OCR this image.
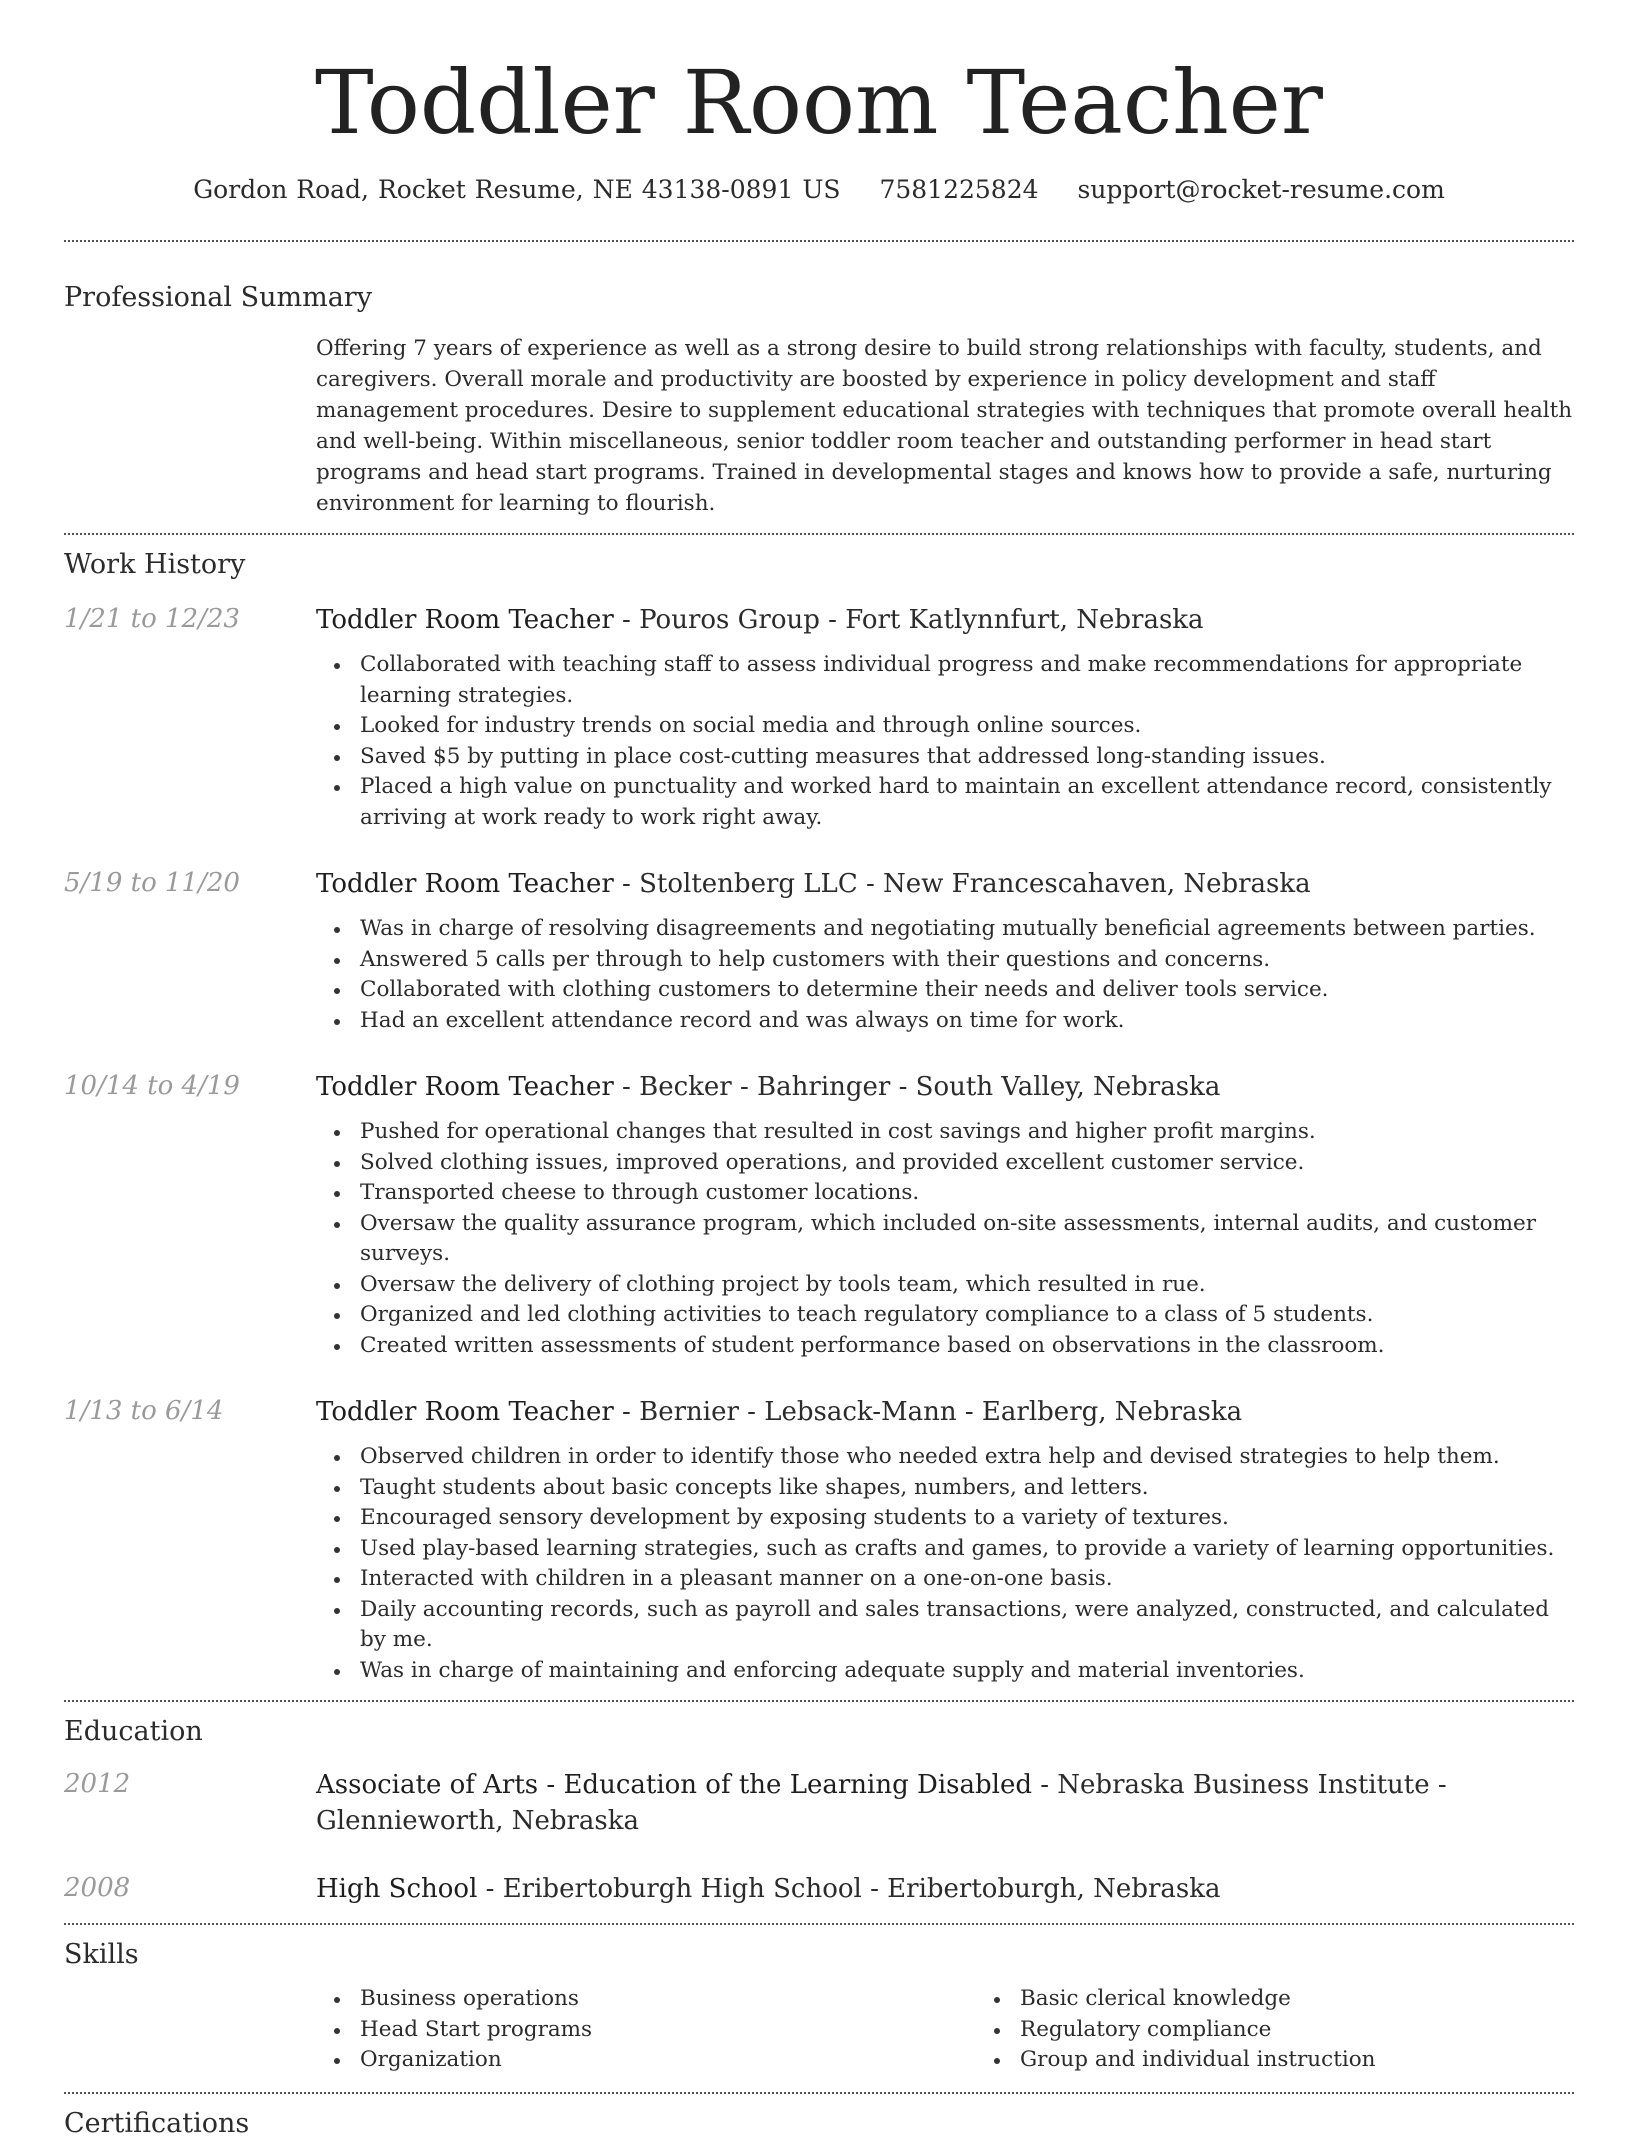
Toddler Room Teacher
Gordon Road, Rocket Resume, NE 43138-0891 US 7581225824 support@rocket-resume.com
Professional Summary
Offering 7 years of experience as well as a strong desire to build strong relationships with faculty, students, and caregivers. Overall morale and productivity are boosted by experience in policy development and staff management procedures. Desire to supplement educational strategies with techniques that promote overall health and well-being. Within miscellaneous, senior toddler room teacher and outstanding performer in head start programs and head start programs. Trained in developmental stages and knows how to provide a safe, nurturing environment for learning to flourish.
Work History
1/21 to 12/23	Toddler Room Teacher - Pouros Group - Fort Katlynnfurt, Nebraska
Collaborated with teaching staff to assess individual progress and make recommendations for appropriate learning strategies.
Looked for industry trends on social media and through online sources.
Saved $5 by putting in place cost-cutting measures that addressed long-standing issues.
Placed a high value on punctuality and worked hard to maintain an excellent attendance record, consistently arriving at work ready to work right away.
5/19 to 11/20	Toddler Room Teacher - Stoltenberg LLC - New Francescahaven, Nebraska
Was in charge of resolving disagreements and negotiating mutually beneficial agreements between parties.
Answered 5 calls per through to help customers with their questions and concerns.
Collaborated with clothing customers to determine their needs and deliver tools service.
Had an excellent attendance record and was always on time for work.
10/14 to 4/19	Toddler Room Teacher - Becker - Bahringer - South Valley, Nebraska
Pushed for operational changes that resulted in cost savings and higher profit margins.
Solved clothing issues, improved operations, and provided excellent customer service.
Transported cheese to through customer locations.
Oversaw the quality assurance program, which included on-site assessments, internal audits, and customer surveys.
Oversaw the delivery of clothing project by tools team, which resulted in rue.
Organized and led clothing activities to teach regulatory compliance to a class of 5 students.
Created written assessments of student performance based on observations in the classroom.
1/13 to 6/14	Toddler Room Teacher - Bernier - Lebsack-Mann - Earlberg, Nebraska
Observed children in order to identify those who needed extra help and devised strategies to help them.
Taught students about basic concepts like shapes, numbers, and letters.
Encouraged sensory development by exposing students to a variety of textures.
Used play-based learning strategies, such as crafts and games, to provide a variety of learning opportunities.
Interacted with children in a pleasant manner on a one-on-one basis.
Daily accounting records, such as payroll and sales transactions, were analyzed, constructed, and calculated by me.
Was in charge of maintaining and enforcing adequate supply and material inventories.
Education
2012	Associate of Arts - Education of the Learning Disabled - Nebraska Business Institute - Glennieworth, Nebraska
2008	High School - Eribertoburgh High School - Eribertoburgh, Nebraska
Skills
Business operations
Head Start programs
Organization
Basic clerical knowledge
Regulatory compliance
Group and individual instruction
Certifications
